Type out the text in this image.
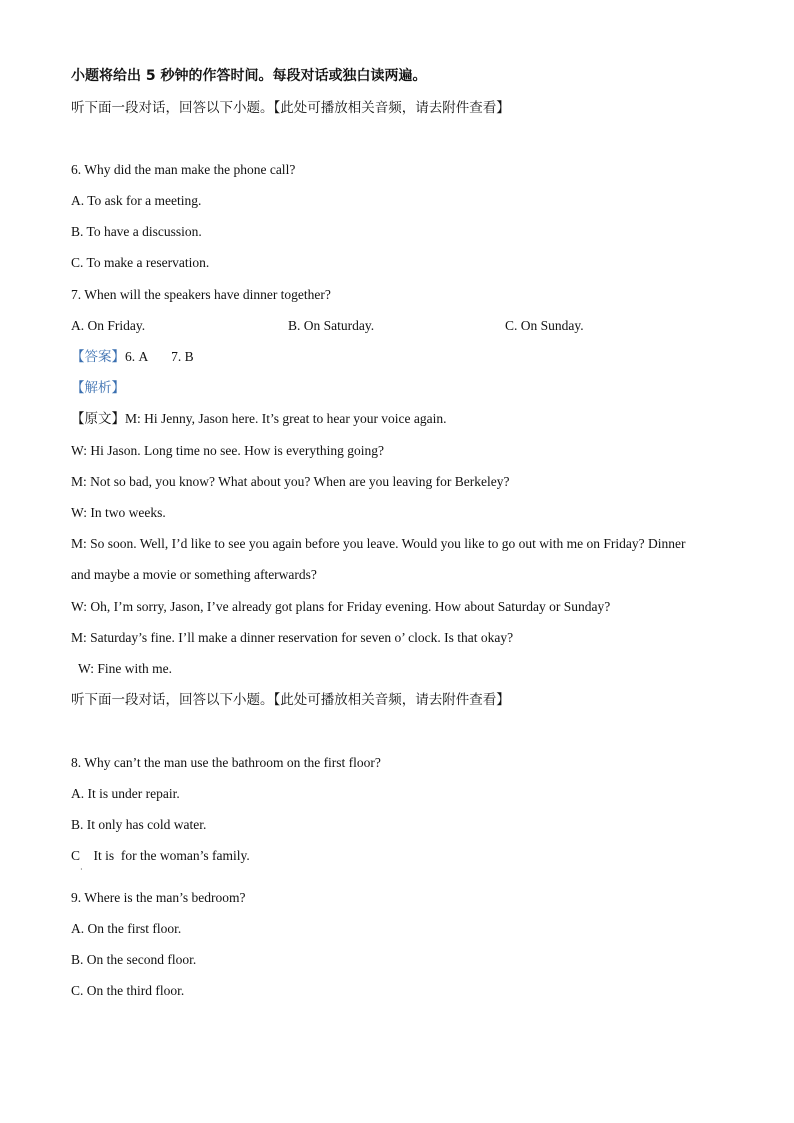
小题将给出 5 秒钟的作答时间。每段对话或独白读两遍。
听下面一段对话，回答以下小题。【此处可播放相关音频，请去附件查看】
6. Why did the man make the phone call?
A. To ask for a meeting.
B. To have a discussion.
C. To make a reservation.
7. When will the speakers have dinner together?
A. On Friday.	B. On Saturday.	C. On Sunday.
【答案】6. A       7. B
【解析】
【原文】M: Hi Jenny, Jason here. It’s great to hear your voice again.
W: Hi Jason. Long time no see. How is everything going?
M: Not so bad, you know? What about you? When are you leaving for Berkeley?
W: In two weeks.
M: So soon. Well, I’d like to see you again before you leave. Would you like to go out with me on Friday? Dinner
and maybe a movie or something afterwards?
W: Oh, I’m sorry, Jason, I’ve already got plans for Friday evening. How about Saturday or Sunday?
M: Saturday’s fine. I’ll make a dinner reservation for seven o’ clock. Is that okay?
W: Fine with me.
听下面一段对话，回答以下小题。【此处可播放相关音频，请去附件查看】
8. Why can’t the man use the bathroom on the first floor?
A. It is under repair.
B. It only has cold water.
C    It is  for the woman’s family.
·
9. Where is the man’s bedroom?
A. On the first floor.
B. On the second floor.
C. On the third floor.
